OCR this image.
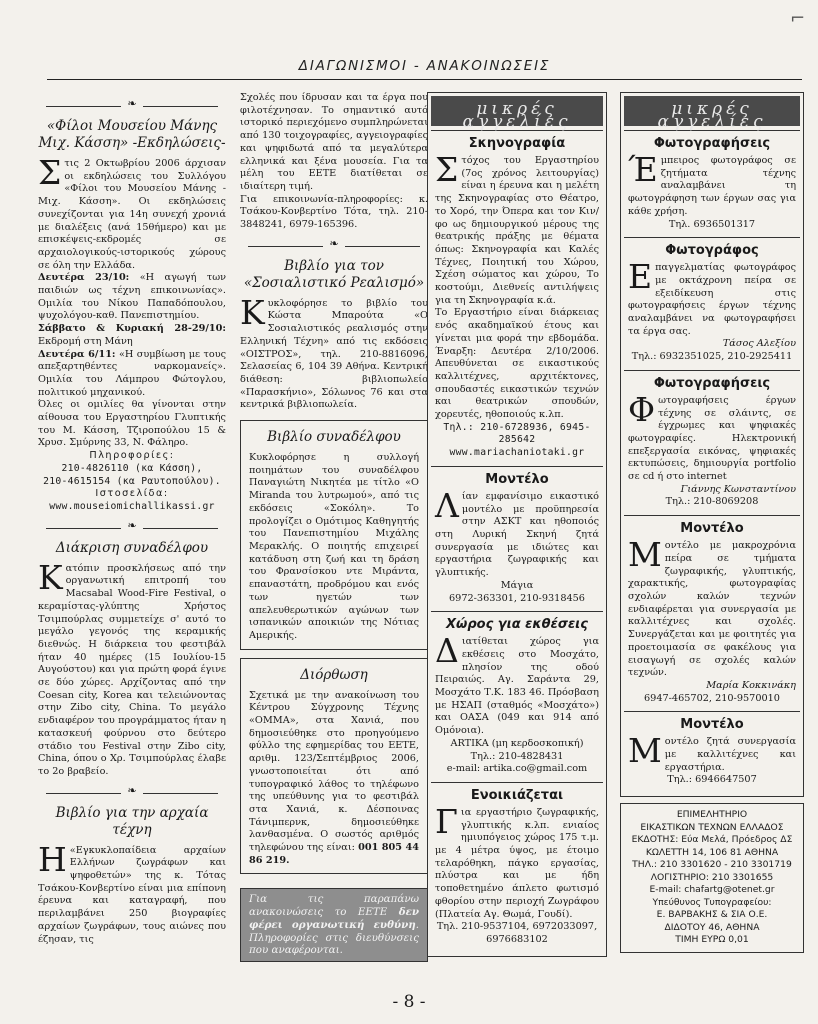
⌐
ΔΙΑΓΩΝΙΣΜΟΙ - ΑΝΑΚΟΙΝΩΣΕΙΣ
❧
«Φίλοι Μουσείου Μάνης Μιχ. Κάσση» -Εκδηλώσεις-

Στις 2 Οκτωβρίου 2006 άρχισαν οι εκδηλώσεις του Συλλόγου «Φίλοι του Μουσείου Μάνης - Μιχ. Κάσση». Οι εκδηλώσεις συνεχίζονται για 14η συνεχή χρονιά με διαλέξεις (ανά 15θήμερο) και με επισκέψεις-εκδρομές σε αρχαιολογικούς-ιστορικούς χώρους σε όλη την Ελλάδα.

Δευτέρα 23/10: «Η αγωγή των παιδιών ως τέχνη επικοινωνίας». Ομιλία του Νίκου Παπαδόπουλου, ψυχολόγου-καθ. Πανεπιστημίου.

Σάββατο & Κυριακή 28-29/10: Εκδρομή στη Μάνη

Δευτέρα 6/11: «Η συμβίωση με τους απεξαρτηθέντες ναρκομανείς». Ομιλία του Λάμπρου Φώτογλου, πολιτικού μηχανικού.

Όλες οι ομιλίες θα γίνονται στην αίθουσα του Εργαστηρίου Γλυπτικής του Μ. Κάσση, Τζιροπούλου 15 & Χρυσ. Σμύρνης 33, Ν. Φάληρο.

Πληροφορίες:

210-4826110 (κα Κάσση),

210-4615154 (κα Ραυτοπούλου).

Ιστοσελίδα:

www.mouseiomichallikassi.gr

❧
Διάκριση συναδέλφου

Κατόπιν προσκλήσεως από την οργανωτική επιτροπή του Macsabal Wood-Fire Festival, ο κεραμίστας-γλύπτης Χρήστος Τσιμπούρλας συμμετείχε σ' αυτό το μεγάλο γεγονός της κεραμικής διεθνώς. Η διάρκεια του φεστιβάλ ήταν 40 ημέρες (15 Ιουλίου-15 Αυγούστου) και για πρώτη φορά έγινε σε δύο χώρες. Αρχίζοντας από την Coesan city, Korea και τελειώνοντας στην Zibo city, China. Το μεγάλο ενδιαφέρον του προγράμματος ήταν η κατασκευή φούρνου στο δεύτερο στάδιο του Festival στην Zibo city, China, όπου ο Χρ. Τσιμπούρλας έλαβε το 2ο βραβείο.

❧
Βιβλίο για την αρχαία τέχνη

Η «Εγκυκλοπαίδεια αρχαίων Ελλήνων ζωγράφων και ψηφοθετών» της κ. Τότας Τσάκου-Κονβερτίνο είναι μια επίπονη έρευνα και καταγραφή, που περιλαμβάνει 250 βιογραφίες αρχαίων ζωγράφων, τους αιώνες που έζησαν, τις

Σχολές που ίδρυσαν και τα έργα που φιλοτέχνησαν. Το σημαντικό αυτό ιστορικό περιεχόμενο συμπληρώνεται από 130 τοιχογραφίες, αγγειογραφίες και ψηφιδωτά από τα μεγαλύτερα ελληνικά και ξένα μουσεία. Για τα μέλη του ΕΕΤΕ διατίθεται σε ιδιαίτερη τιμή.

Για επικοινωνία-πληροφορίες: κ. Τσάκου-Κονβερτίνο Τότα, τηλ. 210-3848241, 6979-165396.

❧
Βιβλίο για τον «Σοσιαλιστικό Ρεαλισμό»

Κυκλοφόρησε το βιβλίο του Κώστα Μπαρούτα «Ο Σοσιαλιστικός ρεαλισμός στην Ελληνική Τέχνη» από τις εκδόσεις «ΟΙΣΤΡΟΣ», τηλ. 210-8816096, Σελασείας 6, 104 39 Αθήνα. Κεντρική διάθεση: βιβλιοπωλείο «Παρασκήνιο», Σόλωνος 76 και στα κεντρικά βιβλιοπωλεία.

Βιβλίο συναδέλφου

Κυκλοφόρησε η συλλογή ποιημάτων του συναδέλφου Παναγιώτη Νικητέα με τίτλο «Ο Miranda του λυτρωμού», από τις εκδόσεις «Σοκόλη». Το προλογίζει ο Ομότιμος Καθηγητής του Πανεπιστημίου Μιχάλης Μερακλής. Ο ποιητής επιχειρεί κατάδυση στη ζωή και τη δράση του Φρανσίσκου ντε Μιράντα, επαναστάτη, προδρόμου και ενός των ηγετών των απελευθερωτικών αγώνων των ισπανικών αποικιών της Νότιας Αμερικής.

Διόρθωση

Σχετικά με την ανακοίνωση του Κέντρου Σύγχρονης Τέχνης «ΟΜΜΑ», στα Χανιά, που δημοσιεύθηκε στο προηγούμενο φύλλο της εφημερίδας του ΕΕΤΕ, αριθμ. 123/Σεπτέμβριος 2006, γνωστοποιείται ότι από τυπογραφικό λάθος το τηλέφωνο της υπεύθυνης για το φεστιβάλ στα Χανιά, κ. Δέσποινας Τάνιμπερνκ, δημοσιεύθηκε λανθασμένα. Ο σωστός αριθμός τηλεφώνου της είναι: 001 805 44 86 219.

Για τις παραπάνω ανακοινώσεις το ΕΕΤΕ δεν φέρει οργανωτική ευθύνη. Πληροφορίες στις διευθύνσεις που αναφέρονται.

μικρές αγγελίες
Σκηνογραφία

Στόχος του Εργαστηρίου (7ος χρόνος λειτουργίας) είναι η έρευνα και η μελέτη της Σκηνογραφίας στο Θέατρο, το Χορό, την Όπερα και τον Κιν/φο ως δημιουργικού μέρους της θεατρικής πράξης με θέματα όπως: Σκηνογραφία και Καλές Τέχνες, Ποιητική του Χώρου, Σχέση σώματος και χώρου, Το κοστούμι, Διεθνείς αντιλήψεις για τη Σκηνογραφία κ.ά.

Το Εργαστήριο είναι διάρκειας ενός ακαδημαϊκού έτους και γίνεται μια φορά την εβδομάδα. Έναρξη: Δευτέρα 2/10/2006. Απευθύνεται σε εικαστικούς καλλιτέχνες, αρχιτέκτονες, σπουδαστές εικαστικών τεχνών και θεατρικών σπουδών, χορευτές, ηθοποιούς κ.λπ.

Τηλ.: 210-6728936, 6945-285642

www.mariachaniotaki.gr

Μοντέλο

Λίαν εμφανίσιμο εικαστικό μοντέλο με προϋπηρεσία στην ΑΣΚΤ και ηθοποιός στη Λυρική Σκηνή ζητά συνεργασία με ιδιώτες και εργαστήρια ζωγραφικής και γλυπτικής.

Μάγια

6972-363301, 210-9318456

Χώρος για εκθέσεις

Διατίθεται χώρος για εκθέσεις στο Μοσχάτο, πλησίον της οδού Πειραιώς. Αγ. Σαράντα 29, Μοσχάτο Τ.Κ. 183 46. Πρόσβαση με ΗΣΑΠ (σταθμός «Μοσχάτο») και ΟΑΣΑ (049 και 914 από Ομόνοια).

ARTIKA (μη κερδοσκοπική)

Τηλ.: 210-4828431

e-mail: artika.co@gmail.com

Ενοικιάζεται

Για εργαστήριο ζωγραφικής, γλυπτικής κ.λπ. ενιαίος ημιυπόγειος χώρος 175 τ.μ. με 4 μέτρα ύψος, με έτοιμο τελαρόθηκη, πάγκο εργασίας, πλύστρα και με ήδη τοποθετημένο άπλετο φωτισμό φθορίου στην περιοχή Ζωγράφου (Πλατεία Αγ. Θωμά, Γουδί).

Τηλ. 210-9537104, 6972033097, 6976683102

μικρές αγγελίες
Φωτογραφήσεις

Έμπειρος φωτογράφος σε ζητήματα τέχνης αναλαμβάνει τη φωτογράφηση των έργων σας για κάθε χρήση.

Τηλ. 6936501317

Φωτογράφος

Επαγγελματίας φωτογράφος με οκτάχρονη πείρα σε εξειδίκευση στις φωτογραφήσεις έργων τέχνης αναλαμβάνει να φωτογραφήσει τα έργα σας.

Τάσος Αλεξίου

Τηλ.: 6932351025, 210-2925411

Φωτογραφήσεις

Φωτογραφήσεις έργων τέχνης σε σλάιντς, σε έγχρωμες και ψηφιακές φωτογραφίες. Ηλεκτρονική επεξεργασία εικόνας, ψηφιακές εκτυπώσεις, δημιουργία portfolio σε cd ή στο internet

Γιάννης Κωνσταντίνου

Τηλ.: 210-8069208

Μοντέλο

Μοντέλο με μακροχρόνια πείρα σε τμήματα ζωγραφικής, γλυπτικής, χαρακτικής, φωτογραφίας σχολών καλών τεχνών ενδιαφέρεται για συνεργασία με καλλιτέχνες και σχολές. Συνεργάζεται και με φοιτητές για προετοιμασία σε φακέλους για εισαγωγή σε σχολές καλών τεχνών.

Μαρία Κοκκινάκη

6947-465702, 210-9570010

Μοντέλο

Μοντέλο ζητά συνεργασία με καλλιτέχνες και εργαστήρια.

Τηλ.: 6946647507

ΕΠΙΜΕΛΗΤΗΡΙΟ
ΕΙΚΑΣΤΙΚΩΝ ΤΕΧΝΩΝ ΕΛΛΑΔΟΣ
ΕΚΔΟΤΗΣ: Εύα Μελά, Πρόεδρος ΔΣ
ΚΩΛΕΤΤΗ 14, 106 81 ΑΘΗΝΑ
ΤΗΛ.: 210 3301620 - 210 3301719
ΛΟΓΙΣΤΗΡΙΟ: 210 3301655
E-mail: chafartg@otenet.gr
Υπεύθυνος Τυπογραφείου:
Ε. ΒΑΡΒΑΚΗΣ & ΣΙΑ Ο.Ε.
ΔΙΔΟΤΟΥ 46, ΑΘΗΝΑ
ΤΙΜΗ ΕΥΡΩ 0,01
- 8 -
